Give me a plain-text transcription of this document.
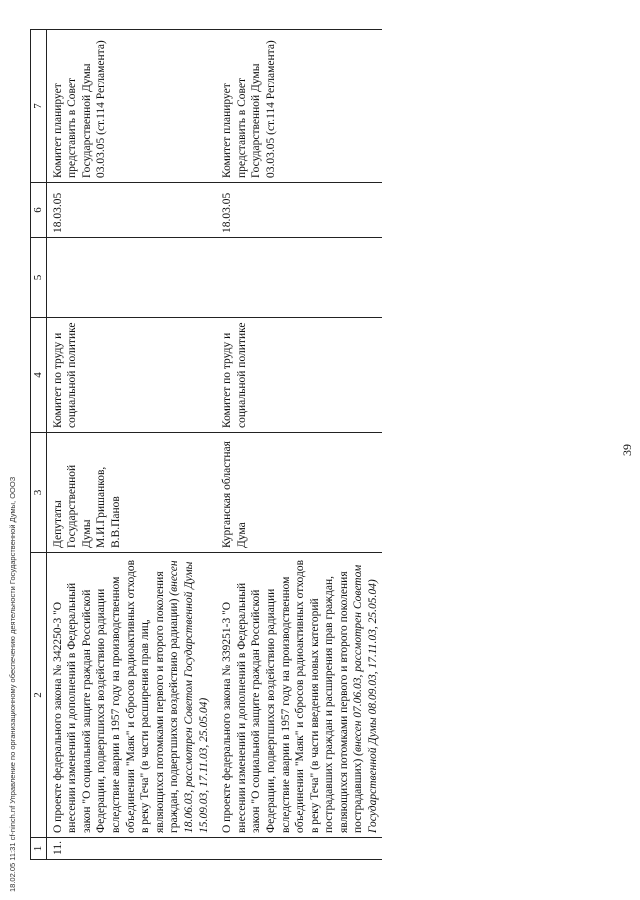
18.02.05 11:31 cf-ninch.nf Управление по организационному обеспечению деятельности Государственной Думы, ОООЗ 1	2	3	4	5	6	7
11.	О проекте федерального закона № 342250-3 "О внесении изменений и дополнений в Федеральный закон "О социальной защите граждан Российской Федерации, подвергшихся воздействию радиации вследствие аварии в 1957 году на производственном объединении "Маяк" и сбросов радиоактивных отходов в реку Теча" (в части расширения прав лиц, являющихся потомками первого и второго поколения граждан, подвергшихся воздействию радиации) (внесен 18.06.03, рассмотрен Советом Государственной Думы 15.09.03, 17.11.03, 25.05.04)	Депутаты Государственной Думы М.И.Гришанков, В.В.Панов	Комитет по труду и социальной политике		18.03.05	Комитет планирует представить в Совет Государственной Думы 03.03.05 (ст.114 Регламента)
	О проекте федерального закона № 339251-3 "О внесении изменений и дополнений в Федеральный закон "О социальной защите граждан Российской Федерации, подвергшихся воздействию радиации вследствие аварии в 1957 году на производственном объединении "Маяк" и сбросов радиоактивных отходов в реку Теча" (в части введения новых категорий пострадавших граждан и расширения прав граждан, являющихся потомками первого и второго поколения пострадавших) (внесен 07.06.03, рассмотрен Советом Государственной Думы 08.09.03, 17.11.03, 25.05.04)	Курганская областная Дума	Комитет по труду и социальной политике		18.03.05	Комитет планирует представить в Совет Государственной Думы 03.03.05 (ст.114 Регламента)
39
